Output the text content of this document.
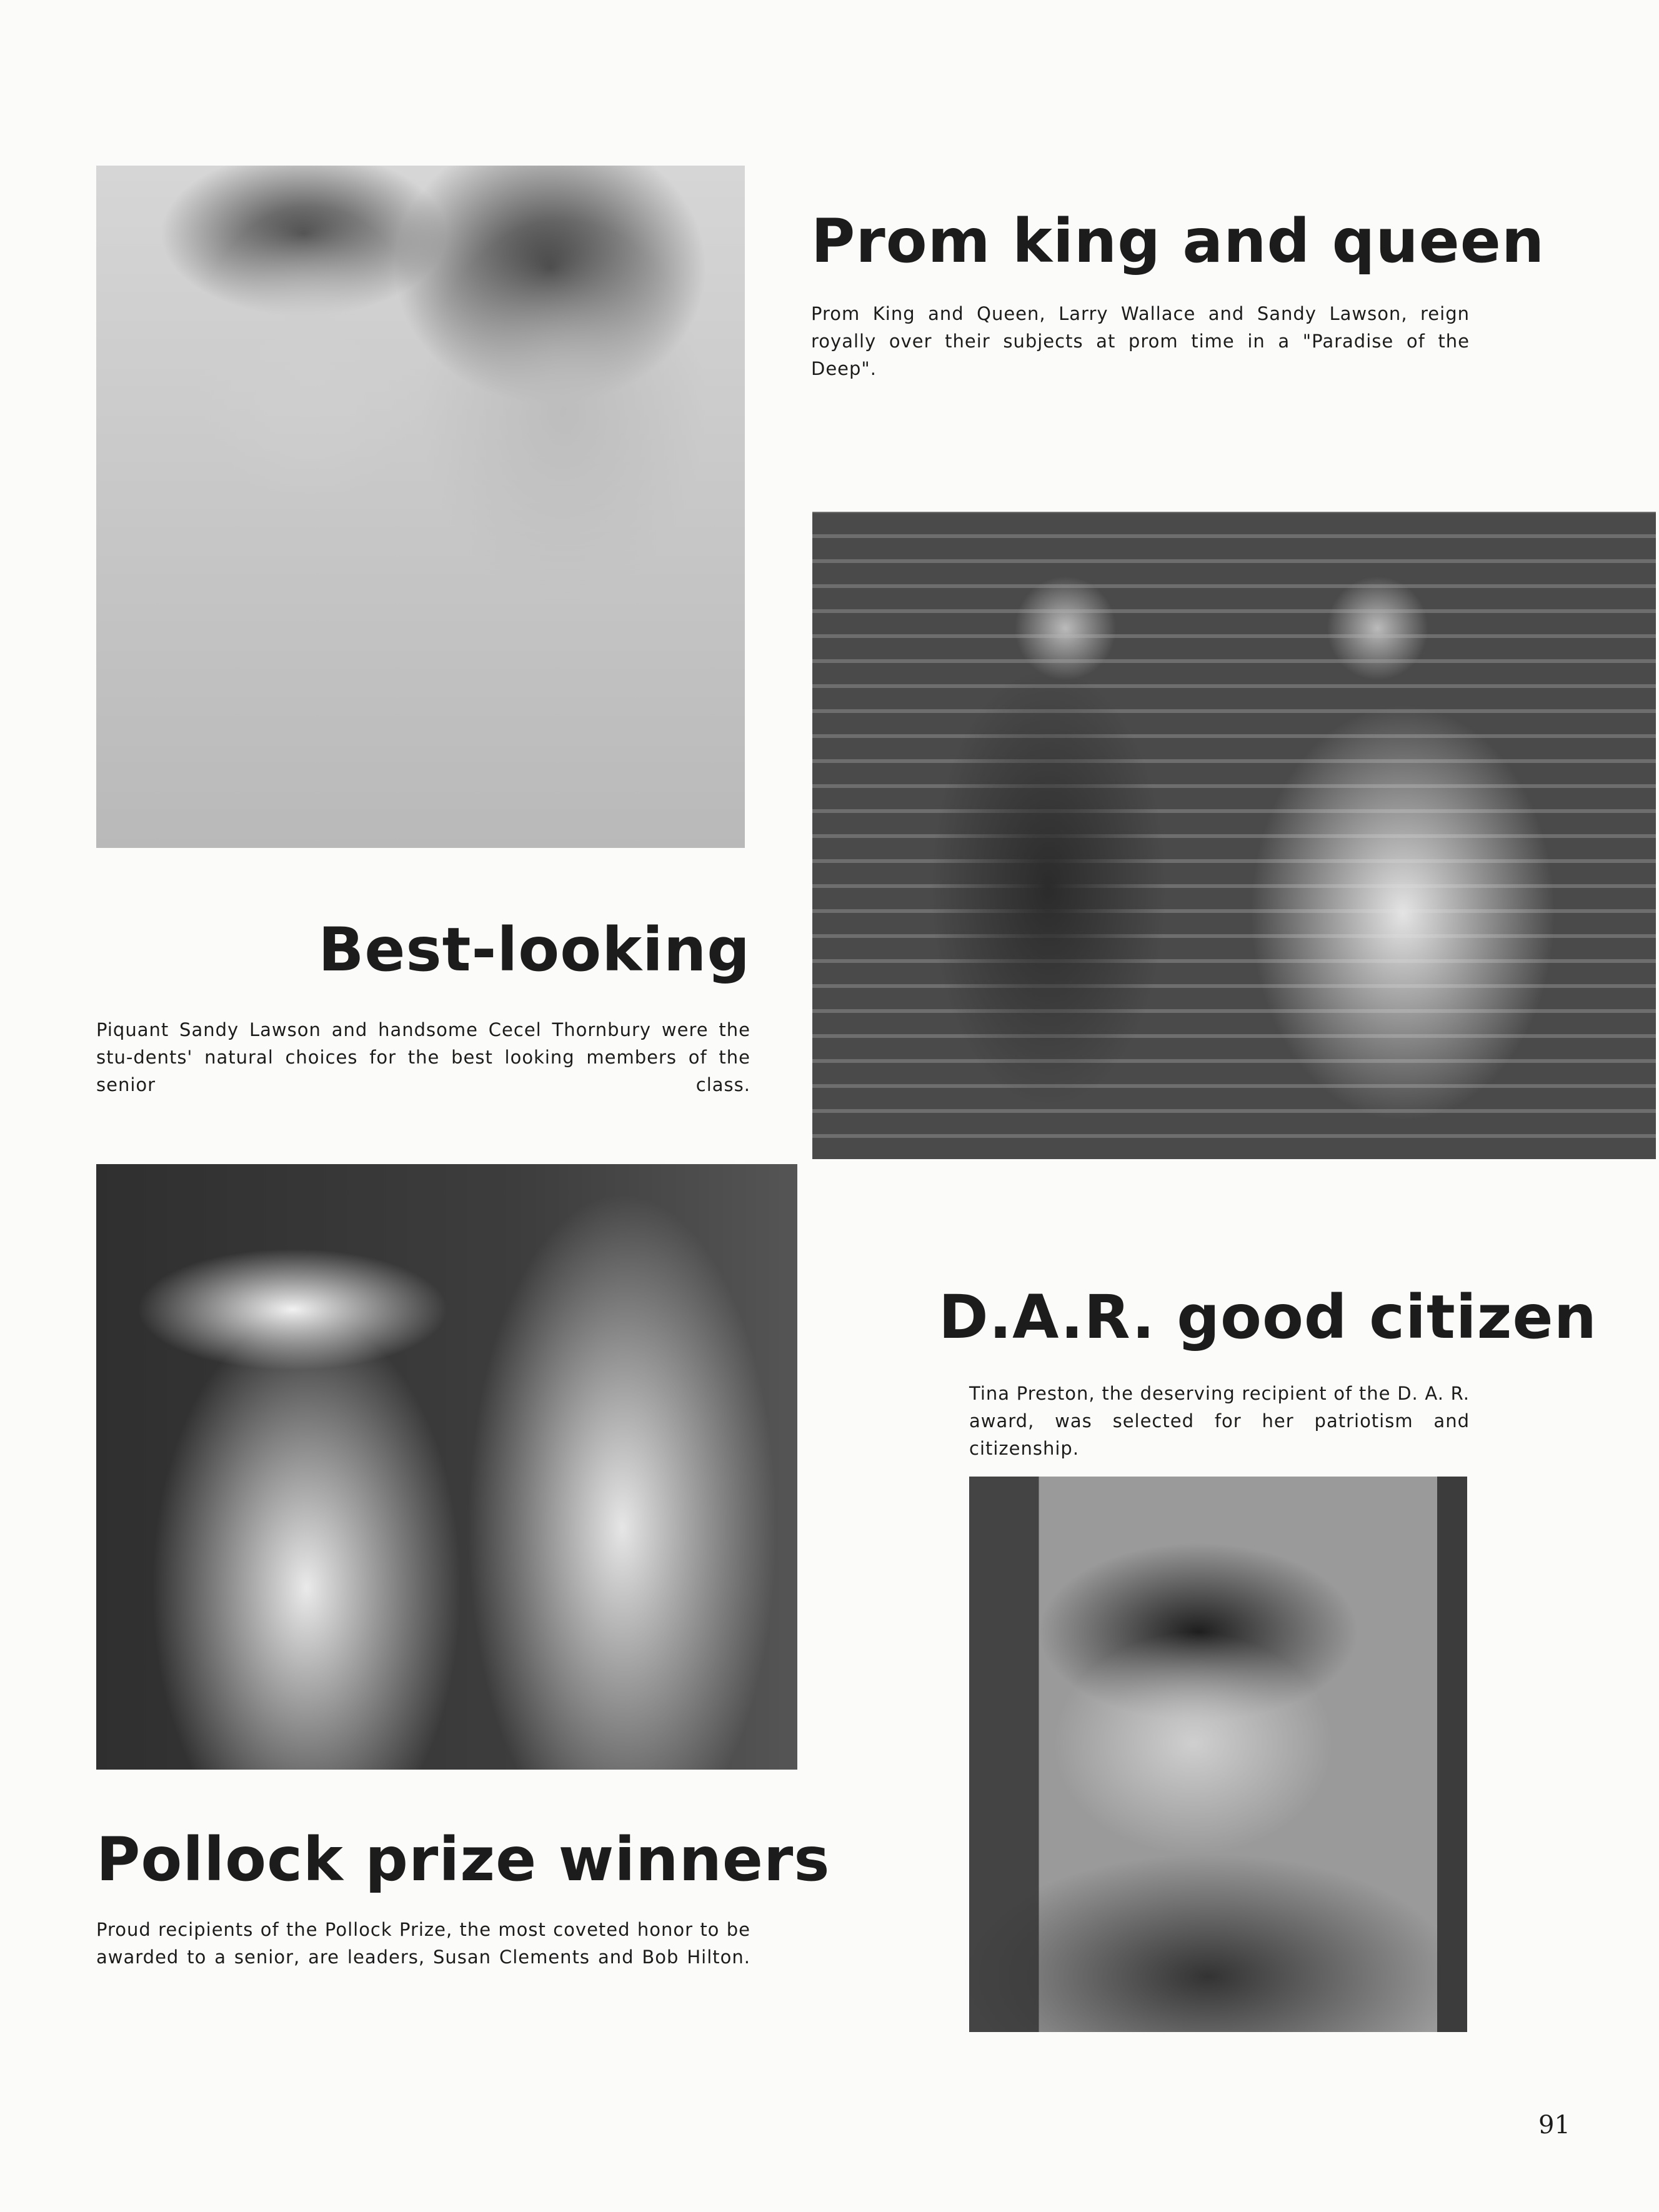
Prom king and queen

Prom King and Queen, Larry Wallace and Sandy Lawson, reign royally over their subjects at prom time in a "Paradise of the Deep".

Best-looking

Piquant Sandy Lawson and handsome Cecel Thornbury were the stu-dents' natural choices for the best looking members of the senior class.

D.A.R. good citizen

Tina Preston, the deserving recipient of the D. A. R. award, was selected for her patriotism and citizenship.

Pollock prize winners

Proud recipients of the Pollock Prize, the most coveted honor to be awarded to a senior, are leaders, Susan Clements and Bob Hilton.

91
